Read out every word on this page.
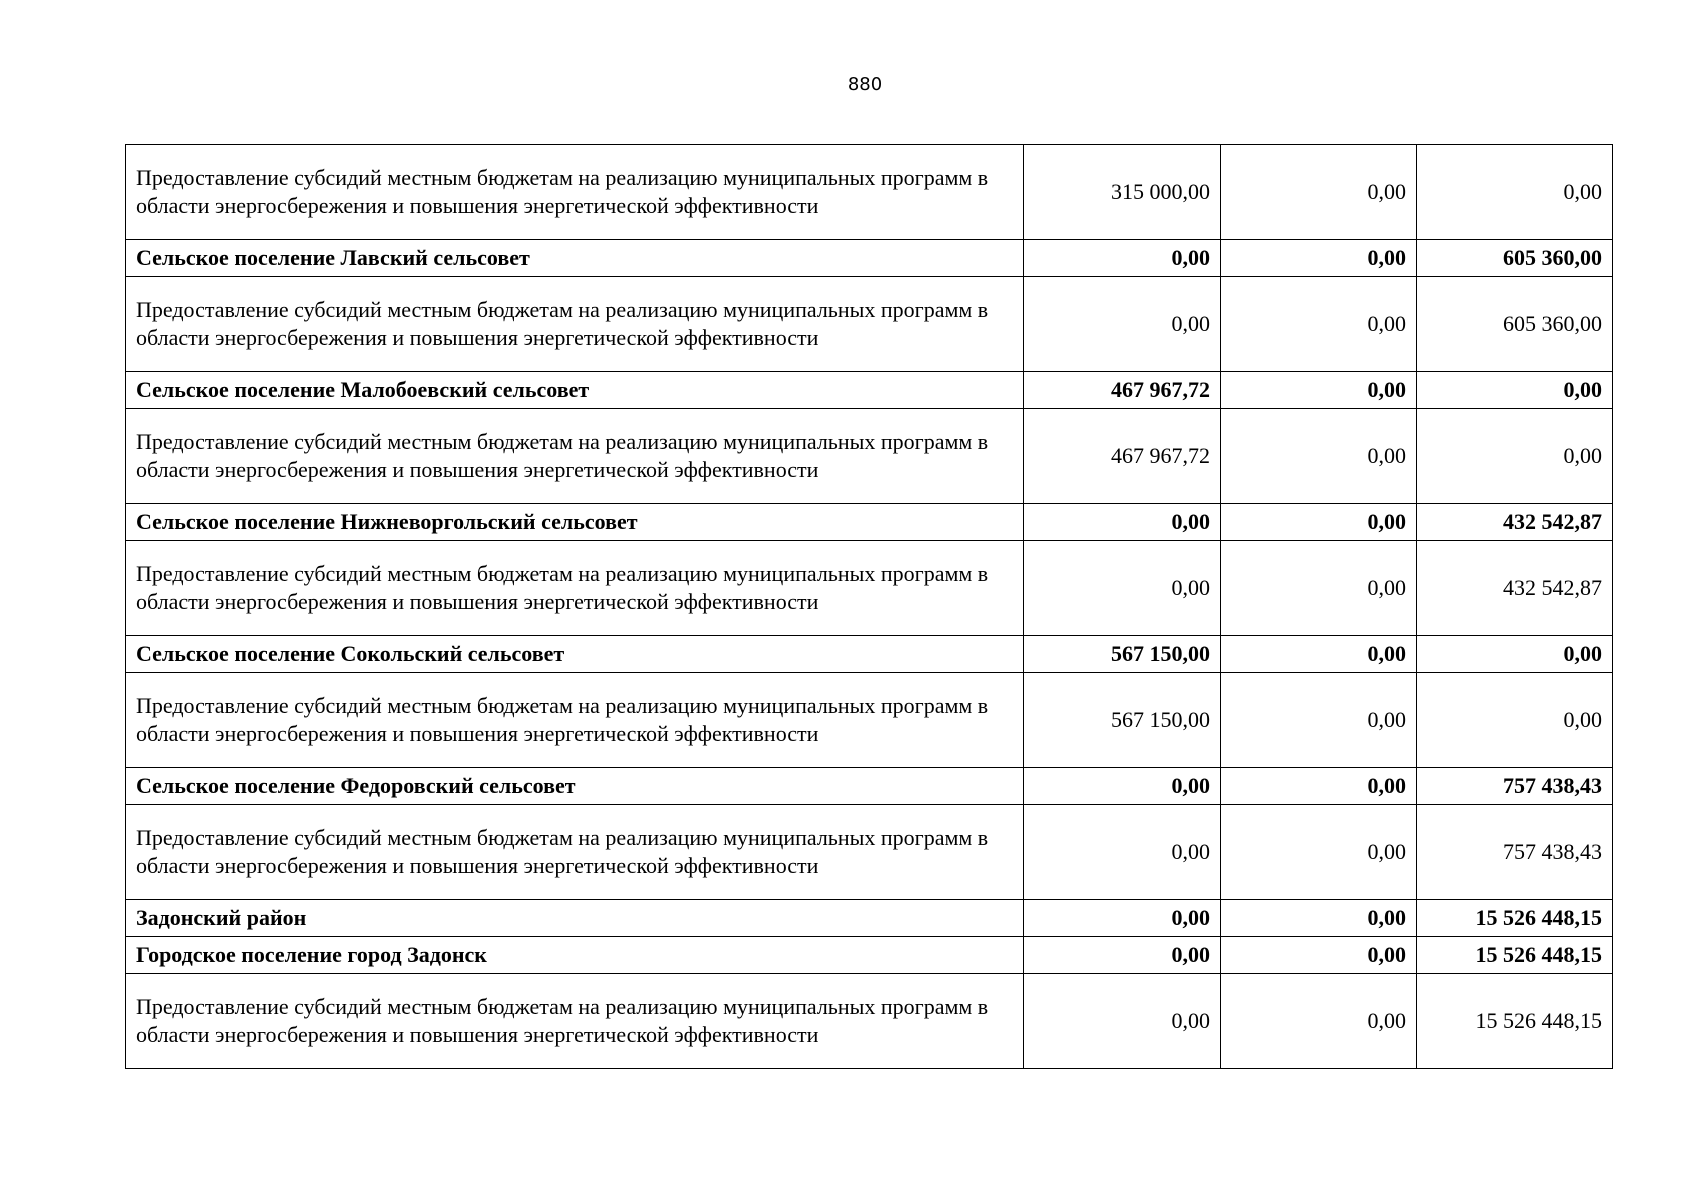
880
Предоставление субсидий местным бюджетам на реализацию муниципальных программ в области энергосбережения и повышения энергетической эффективности	315 000,00	0,00	0,00
Сельское поселение Лавский сельсовет	0,00	0,00	605 360,00
Предоставление субсидий местным бюджетам на реализацию муниципальных программ в области энергосбережения и повышения энергетической эффективности	0,00	0,00	605 360,00
Сельское поселение Малобоевский сельсовет	467 967,72	0,00	0,00
Предоставление субсидий местным бюджетам на реализацию муниципальных программ в области энергосбережения и повышения энергетической эффективности	467 967,72	0,00	0,00
Сельское поселение Нижневоргольский сельсовет	0,00	0,00	432 542,87
Предоставление субсидий местным бюджетам на реализацию муниципальных программ в области энергосбережения и повышения энергетической эффективности	0,00	0,00	432 542,87
Сельское поселение Сокольский сельсовет	567 150,00	0,00	0,00
Предоставление субсидий местным бюджетам на реализацию муниципальных программ в области энергосбережения и повышения энергетической эффективности	567 150,00	0,00	0,00
Сельское поселение Федоровский сельсовет	0,00	0,00	757 438,43
Предоставление субсидий местным бюджетам на реализацию муниципальных программ в области энергосбережения и повышения энергетической эффективности	0,00	0,00	757 438,43
Задонский район	0,00	0,00	15 526 448,15
Городское поселение город Задонск	0,00	0,00	15 526 448,15
Предоставление субсидий местным бюджетам на реализацию муниципальных программ в области энергосбережения и повышения энергетической эффективности	0,00	0,00	15 526 448,15
